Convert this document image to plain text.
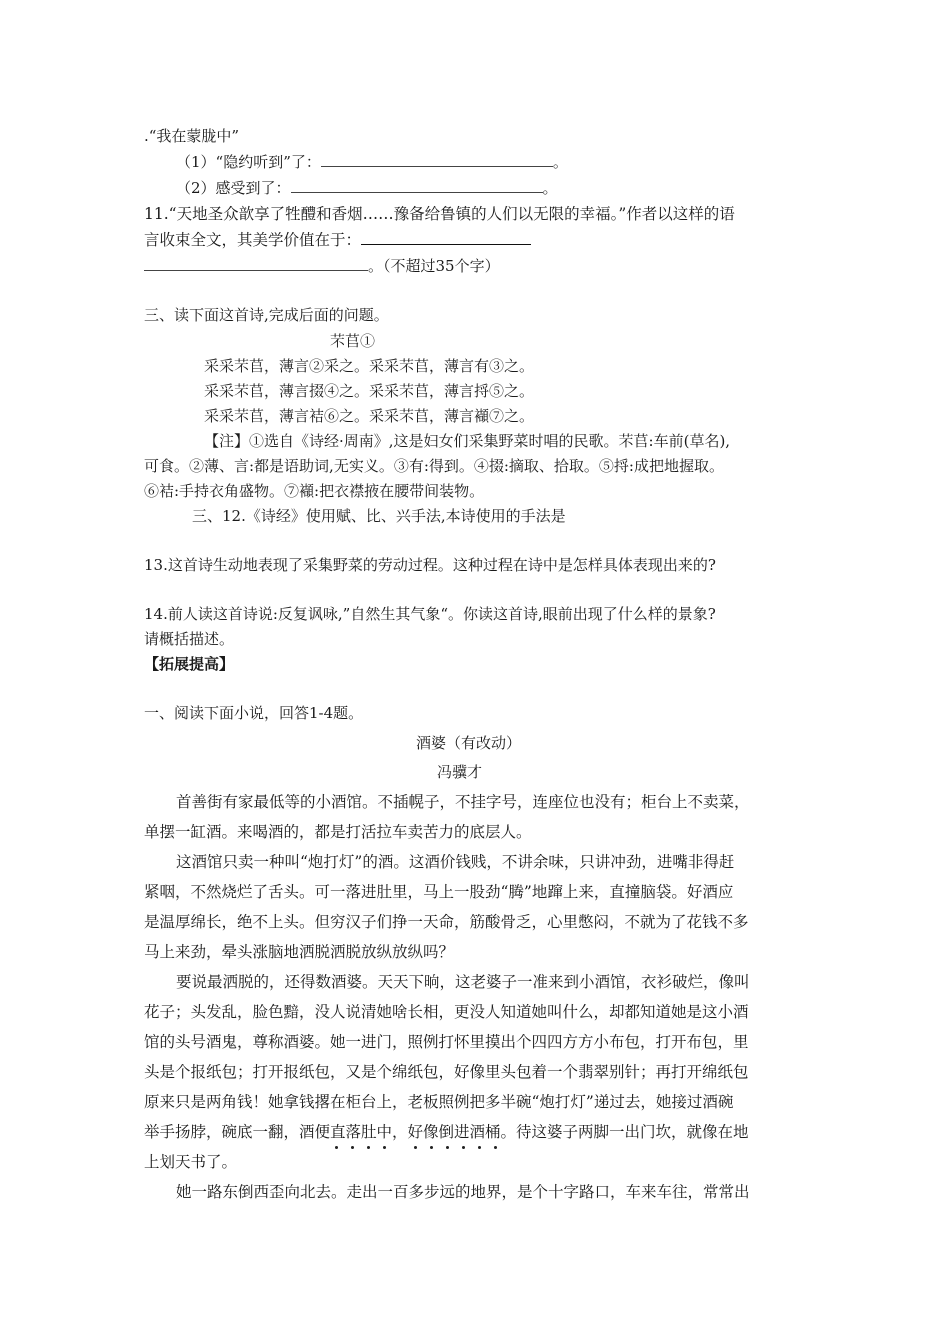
.“我在蒙胧中”
（1）“隐约听到”了：	。
（2）感受到了：	。
11.“天地圣众歆享了牲醴和香烟……豫备给鲁镇的人们以无限的幸福。”作者以这样的语
言收束全文，其美学价值在于：
。（不超过35个字）
三、读下面这首诗,完成后面的问题。
芣苢①
采采芣苢，薄言②采之。采采芣苢，薄言有③之。
采采芣苢，薄言掇④之。采采芣苢，薄言捋⑤之。
采采芣苢，薄言袺⑥之。采采芣苢，薄言襭⑦之。
【注】①选自《诗经·周南》,这是妇女们采集野菜时唱的民歌。芣苢:车前(草名),
可食。②薄、言:都是语助词,无实义。③有:得到。④掇:摘取、拾取。⑤捋:成把地握取。
⑥袺:手持衣角盛物。⑦襭:把衣襟掖在腰带间装物。
三、12.《诗经》使用赋、比、兴手法,本诗使用的手法是
13.这首诗生动地表现了采集野菜的劳动过程。这种过程在诗中是怎样具体表现出来的?
14.前人读这首诗说:反复讽咏,”自然生其气象“。你读这首诗,眼前出现了什么样的景象?
请概括描述。
【拓展提高】
一、阅读下面小说，回答1-4题。
酒婆（有改动）
冯骥才
首善街有家最低等的小酒馆。不插幌子，不挂字号，连座位也没有；柜台上不卖菜，
单摆一缸酒。来喝酒的，都是打活拉车卖苦力的底层人。
这酒馆只卖一种叫“炮打灯”的酒。这酒价钱贱，不讲余味，只讲冲劲，进嘴非得赶
紧咽，不然烧烂了舌头。可一落进肚里，马上一股劲“腾”地蹿上来，直撞脑袋。好酒应
是温厚绵长，绝不上头。但穷汉子们挣一天命，筋酸骨乏，心里憋闷，不就为了花钱不多
马上来劲，晕头涨脑地洒脱洒脱放纵放纵吗？
要说最洒脱的，还得数酒婆。天天下晌，这老婆子一准来到小酒馆，衣衫破烂，像叫
花子；头发乱，脸色黯，没人说清她啥长相，更没人知道她叫什么，却都知道她是这小酒
馆的头号酒鬼，尊称酒婆。她一进门，照例打怀里摸出个四四方方小布包，打开布包，里
头是个报纸包；打开报纸包，又是个绵纸包，好像里头包着一个翡翠别针；再打开绵纸包
原来只是两角钱！她拿钱撂在柜台上，老板照例把多半碗“炮打灯”递过去，她接过酒碗
举手扬脖，碗底一翻，酒便直落肚中，好像倒进酒桶。待这婆子两脚一出门坎，就像在地
上划天书了。
她一路东倒西歪向北去。走出一百多步远的地界，是个十字路口，车来车往，常常出
